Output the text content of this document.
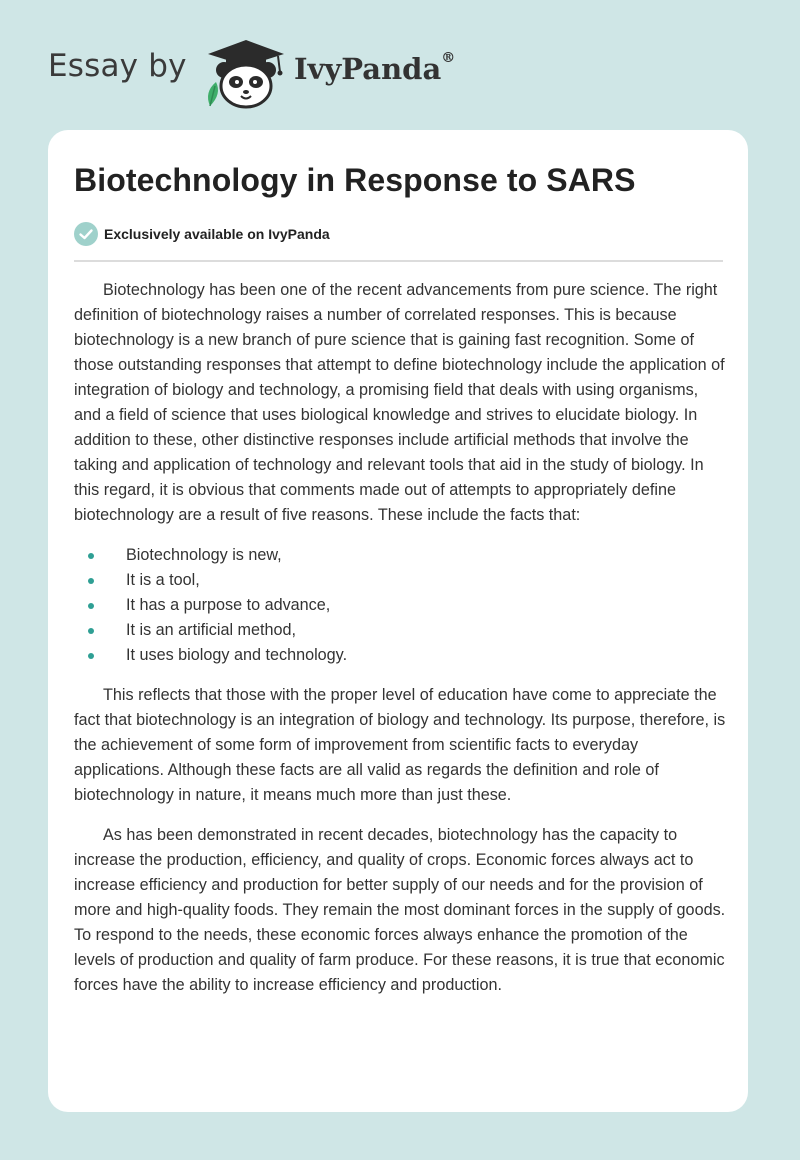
Essay by	IvyPanda®
Biotechnology in Response to SARS
Exclusively available on IvyPanda

Biotechnology has been one of the recent advancements from pure science. The right definition of biotechnology raises a number of correlated responses. This is because biotechnology is a new branch of pure science that is gaining fast recognition. Some of those outstanding responses that attempt to define biotechnology include the application of integration of biology and technology, a promising field that deals with using organisms, and a field of science that uses biological knowledge and strives to elucidate biology. In addition to these, other distinctive responses include artificial methods that involve the taking and application of technology and relevant tools that aid in the study of biology. In this regard, it is obvious that comments made out of attempts to appropriately define biotechnology are a result of five reasons. These include the facts that:

Biotechnology is new,
It is a tool,
It has a purpose to advance,
It is an artificial method,
It uses biology and technology.

This reflects that those with the proper level of education have come to appreciate the fact that biotechnology is an integration of biology and technology. Its purpose, therefore, is the achievement of some form of improvement from scientific facts to everyday applications. Although these facts are all valid as regards the definition and role of biotechnology in nature, it means much more than just these.

As has been demonstrated in recent decades, biotechnology has the capacity to increase the production, efficiency, and quality of crops. Economic forces always act to increase efficiency and production for better supply of our needs and for the provision of more and high-quality foods. They remain the most dominant forces in the supply of goods. To respond to the needs, these economic forces always enhance the promotion of the levels of production and quality of farm produce. For these reasons, it is true that economic forces have the ability to increase efficiency and production.
